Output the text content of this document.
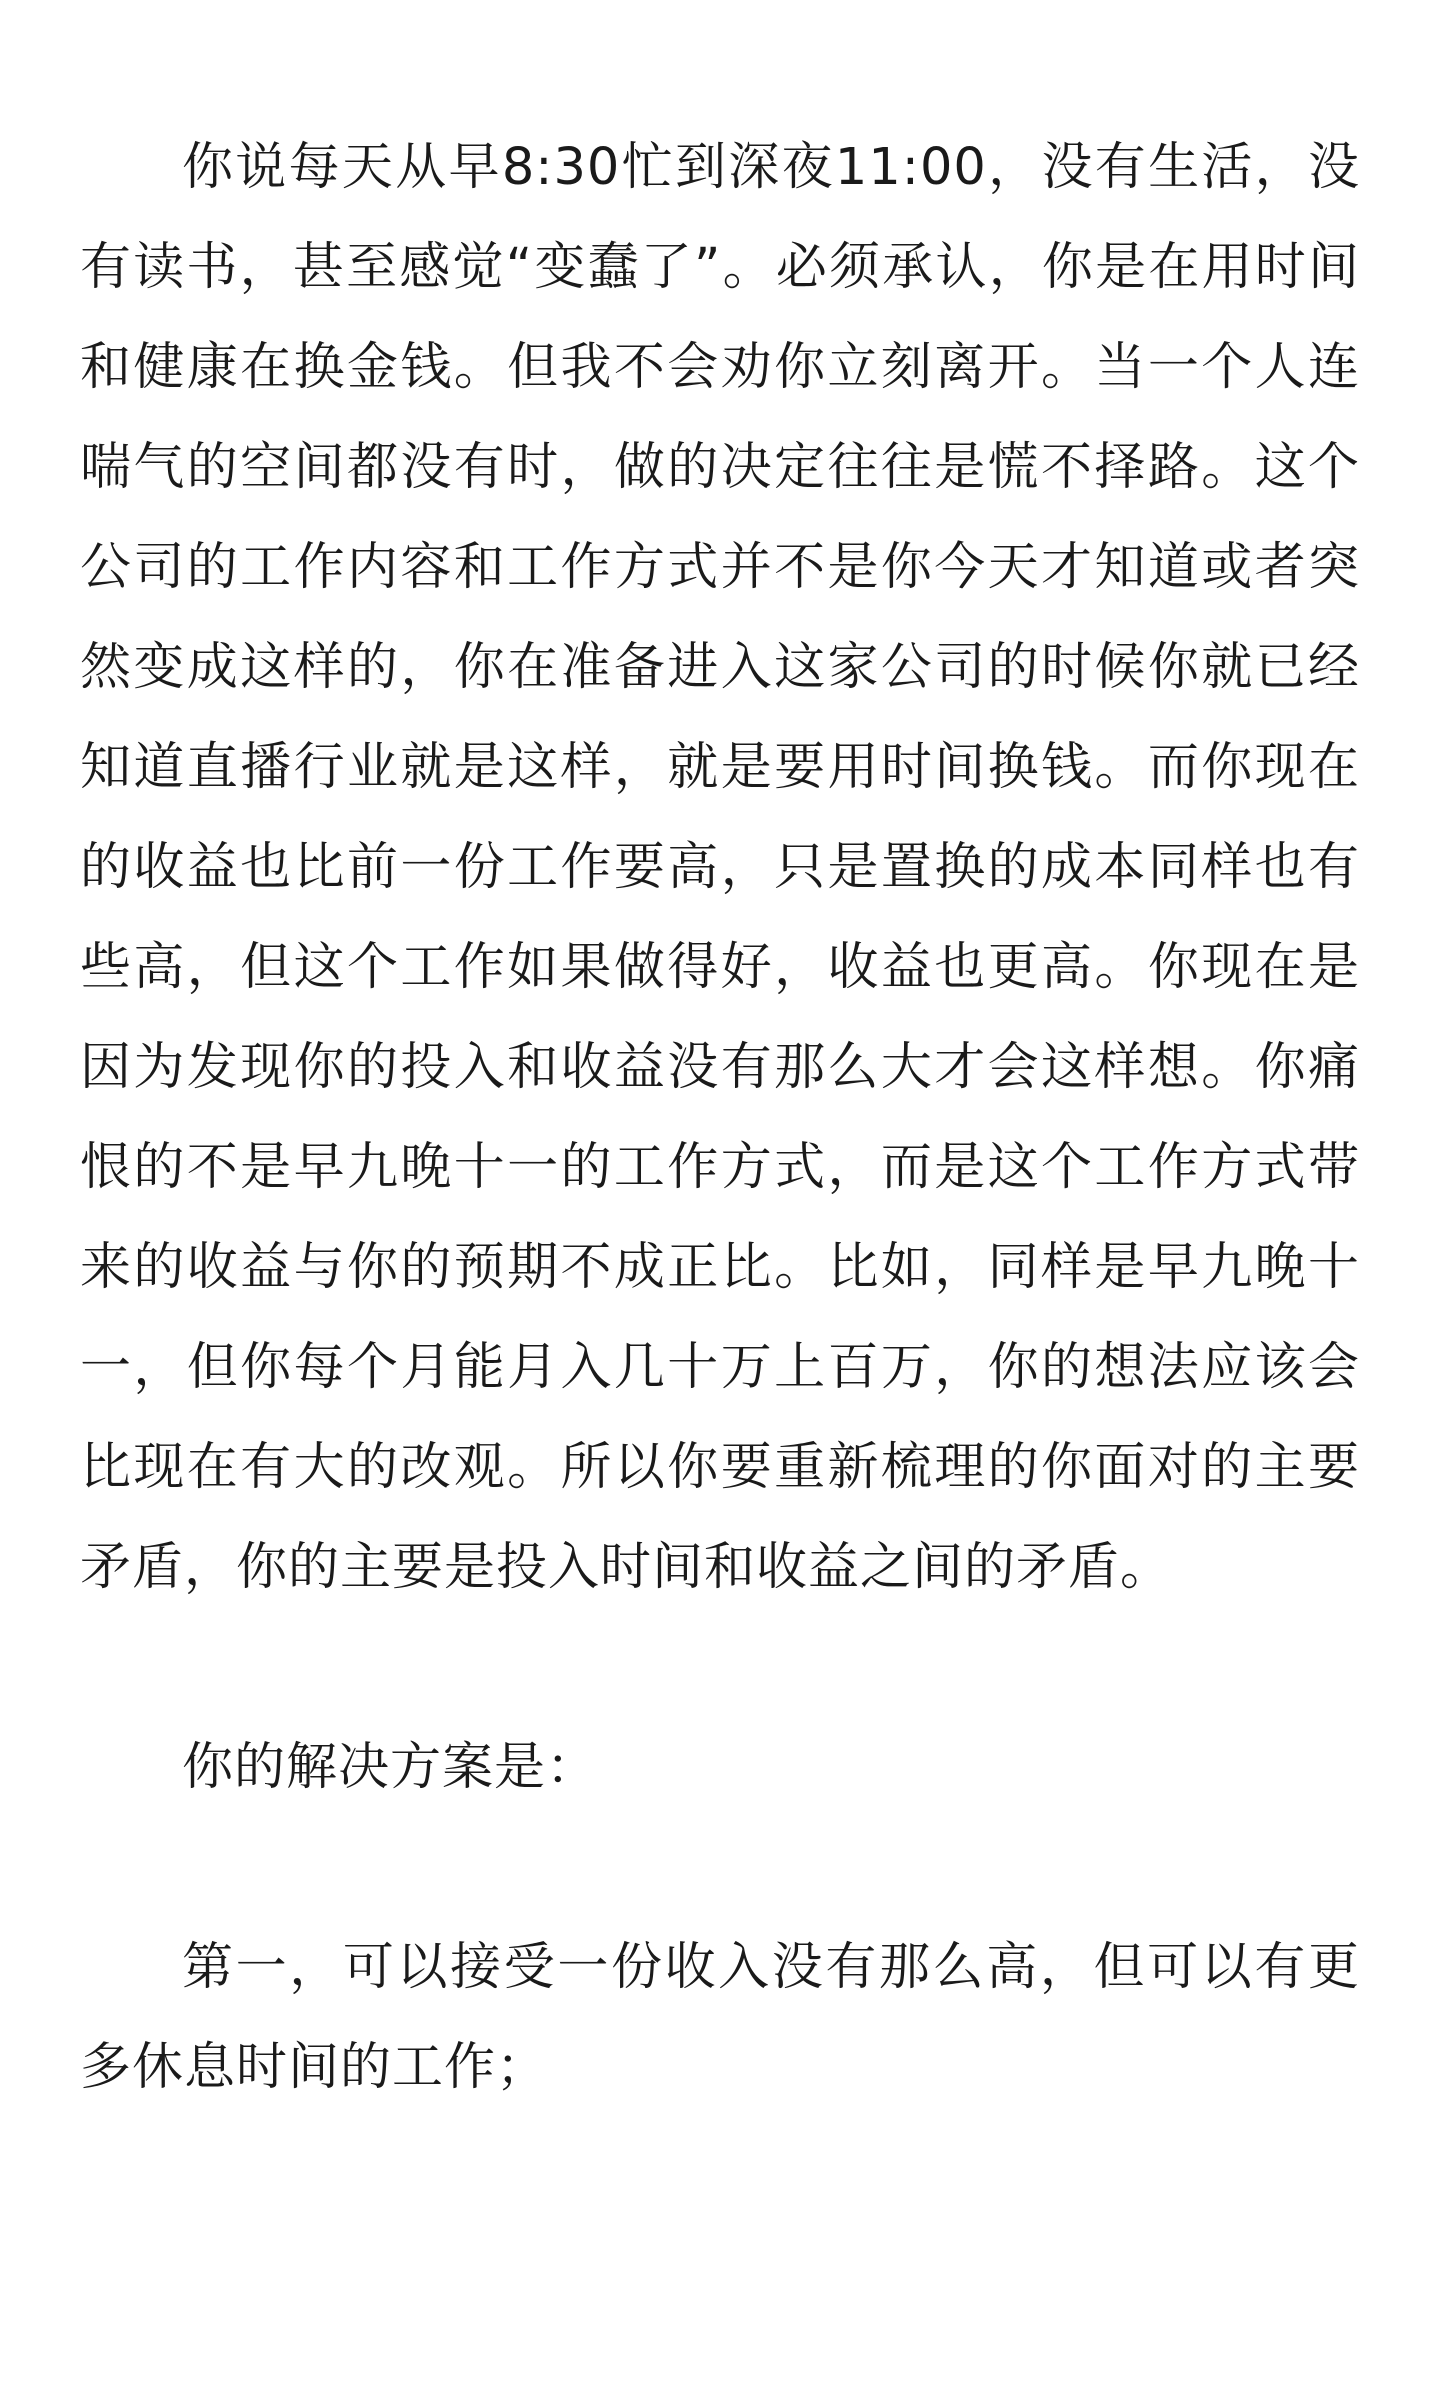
你说每天从早8:30忙到深夜11:00，没有生活，没有读书，甚至感觉“变蠢了”。必须承认，你是在用时间和健康在换金钱。但我不会劝你立刻离开。当一个人连喘气的空间都没有时，做的决定往往是慌不择路。这个公司的工作内容和工作方式并不是你今天才知道或者突然变成这样的，你在准备进入这家公司的时候你就已经知道直播行业就是这样，就是要用时间换钱。而你现在的收益也比前一份工作要高，只是置换的成本同样也有些高，但这个工作如果做得好，收益也更高。你现在是因为发现你的投入和收益没有那么大才会这样想。你痛恨的不是早九晚十一的工作方式，而是这个工作方式带来的收益与你的预期不成正比。比如，同样是早九晚十一，但你每个月能月入几十万上百万，你的想法应该会比现在有大的改观。所以你要重新梳理的你面对的主要矛盾，你的主要是投入时间和收益之间的矛盾。

你的解决方案是：

第一，可以接受一份收入没有那么高，但可以有更多休息时间的工作；
